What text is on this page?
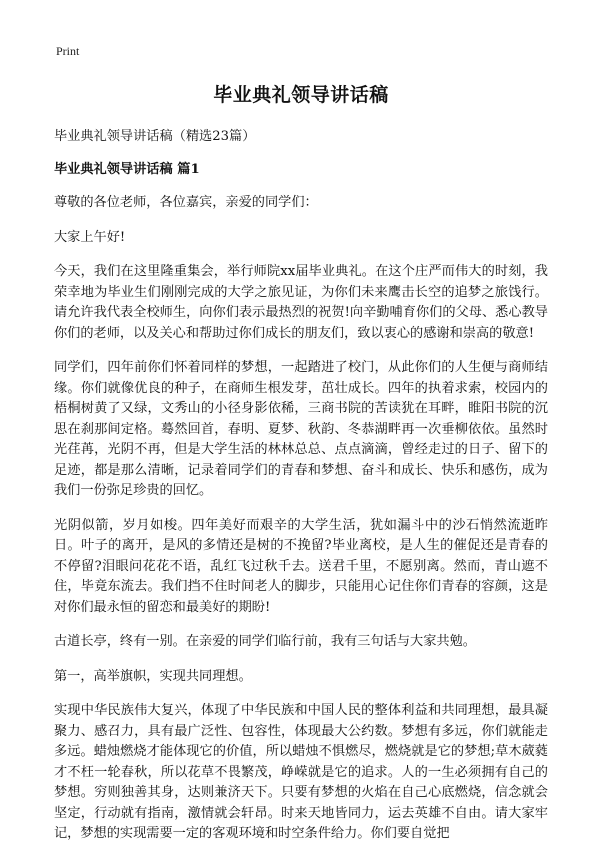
Print
毕业典礼领导讲话稿

毕业典礼领导讲话稿（精选23篇）

毕业典礼领导讲话稿 篇1

尊敬的各位老师，各位嘉宾，亲爱的同学们：

大家上午好!

今天，我们在这里隆重集会，举行师院xx届毕业典礼。在这个庄严而伟大的时刻，我荣幸地为毕业生们刚刚完成的大学之旅见证，为你们未来鹰击长空的追梦之旅饯行。请允许我代表全校师生，向你们表示最热烈的祝贺!向辛勤哺育你们的父母、悉心教导你们的老师，以及关心和帮助过你们成长的朋友们，致以衷心的感谢和崇高的敬意!

同学们，四年前你们怀着同样的梦想，一起踏进了校门，从此你们的人生便与商师结缘。你们就像优良的种子，在商师生根发芽，茁壮成长。四年的执着求索，校园内的梧桐树黄了又绿，文秀山的小径身影依稀，三商书院的苦读犹在耳畔，睢阳书院的沉思在刹那间定格。蓦然回首，春明、夏梦、秋韵、冬恭湖畔再一次垂柳依依。虽然时光荏苒，光阴不再，但是大学生活的林林总总、点点滴滴，曾经走过的日子、留下的足迹，都是那么清晰，记录着同学们的青春和梦想、奋斗和成长、快乐和感伤，成为我们一份弥足珍贵的回忆。

光阴似箭，岁月如梭。四年美好而艰辛的大学生活，犹如漏斗中的沙石悄然流逝昨日。叶子的离开，是风的多情还是树的不挽留?毕业离校，是人生的催促还是青春的不停留?泪眼问花花不语，乱红飞过秋千去。送君千里，不愿别离。然而，青山遮不住，毕竟东流去。我们挡不住时间老人的脚步，只能用心记住你们青春的容颜，这是对你们最永恒的留恋和最美好的期盼!

古道长亭，终有一别。在亲爱的同学们临行前，我有三句话与大家共勉。

第一，高举旗帜，实现共同理想。

实现中华民族伟大复兴，体现了中华民族和中国人民的整体利益和共同理想，最具凝聚力、感召力，具有最广泛性、包容性，体现最大公约数。梦想有多远，你们就能走多远。蜡烛燃烧才能体现它的价值，所以蜡烛不惧燃尽，燃烧就是它的梦想;草木葳蕤才不枉一轮春秋，所以花草不畏繁茂，峥嵘就是它的追求。人的一生必须拥有自己的梦想。穷则独善其身，达则兼济天下。只要有梦想的火焰在自己心底燃烧，信念就会坚定，行动就有指南，激情就会轩昂。时来天地皆同力，运去英雄不自由。请大家牢记，梦想的实现需要一定的客观环境和时空条件给力。你们要自觉把
